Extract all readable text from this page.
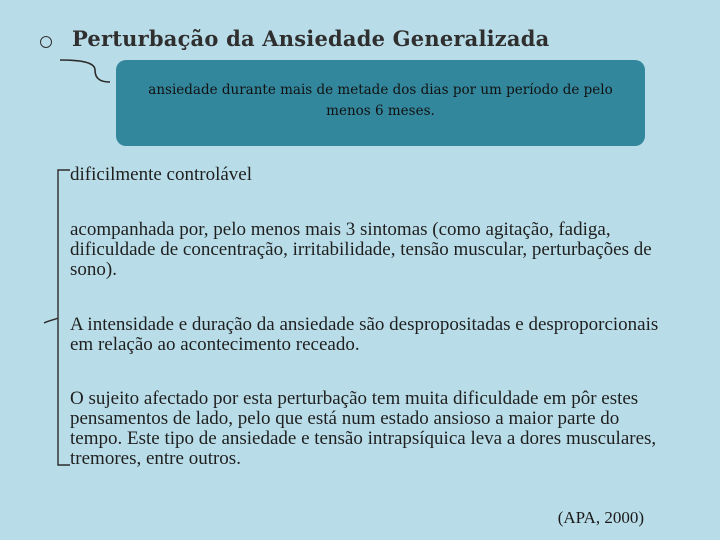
Perturbação da Ansiedade Generalizada
ansiedade durante mais de metade dos dias por um período de pelo menos 6 meses.
dificilmente controlável
acompanhada por, pelo menos mais 3 sintomas (como agitação, fadiga, dificuldade de concentração, irritabilidade, tensão muscular, perturbações de sono).
A intensidade e duração da ansiedade são despropositadas e desproporcionais em relação ao acontecimento receado.
O sujeito afectado por esta perturbação tem muita dificuldade em pôr estes pensamentos de lado, pelo que está num estado ansioso a maior parte do tempo. Este tipo de ansiedade e tensão intrapsíquica leva a dores musculares, tremores, entre outros.
(APA, 2000)
